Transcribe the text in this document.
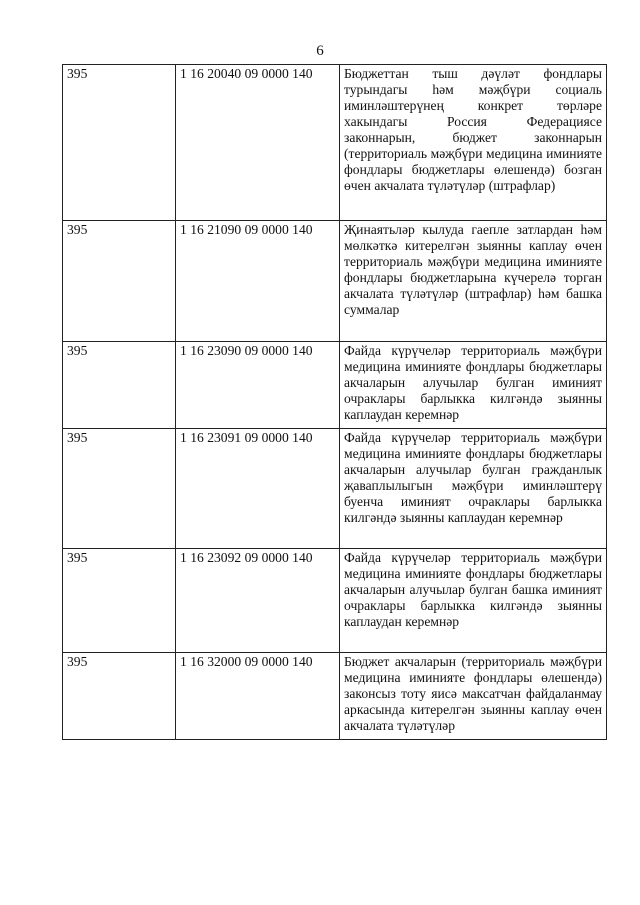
6
395	1 16 20040 09 0000 140	Бюджеттан тыш дәүләт фондлары турындагы һәм мәҗбүри социаль иминләштерүнең конкрет төрләре хакындагы Россия Федерациясе законнарын, бюджет законнарын (территориаль мәҗбүри медицина иминияте фондлары бюджетлары өлешендә) бозган өчен акчалата түләтүләр (штрафлар)
395	1 16 21090 09 0000 140	Җинаятьләр кылуда гаепле затлардан һәм мөлкәткә китерелгән зыянны каплау өчен территориаль мәҗбүри медицина иминияте фондлары бюджетларына күчерелә торган акчалата түләтүләр (штрафлар) һәм башка суммалар
395	1 16 23090 09 0000 140	Файда күрүчеләр территориаль мәҗбүри медицина иминияте фондлары бюджетлары акчаларын алучылар булган иминият очраклары барлыкка килгәндә зыянны каплаудан керемнәр
395	1 16 23091 09 0000 140	Файда күрүчеләр территориаль мәҗбүри медицина иминияте фондлары бюджетлары акчаларын алучылар булган гражданлык җаваплылыгын мәҗбүри иминләштерү буенча иминият очраклары барлыкка килгәндә зыянны каплаудан керемнәр
395	1 16 23092 09 0000 140	Файда күрүчеләр территориаль мәҗбүри медицина иминияте фондлары бюджетлары акчаларын алучылар булган башка иминият очраклары барлыкка килгәндә зыянны каплаудан керемнәр
395	1 16 32000 09 0000 140	Бюджет акчаларын (территориаль мәҗбүри медицина иминияте фондлары өлешендә) законсыз тоту яисә максатчан файдаланмау аркасында китерелгән зыянны каплау өчен акчалата түләтүләр
